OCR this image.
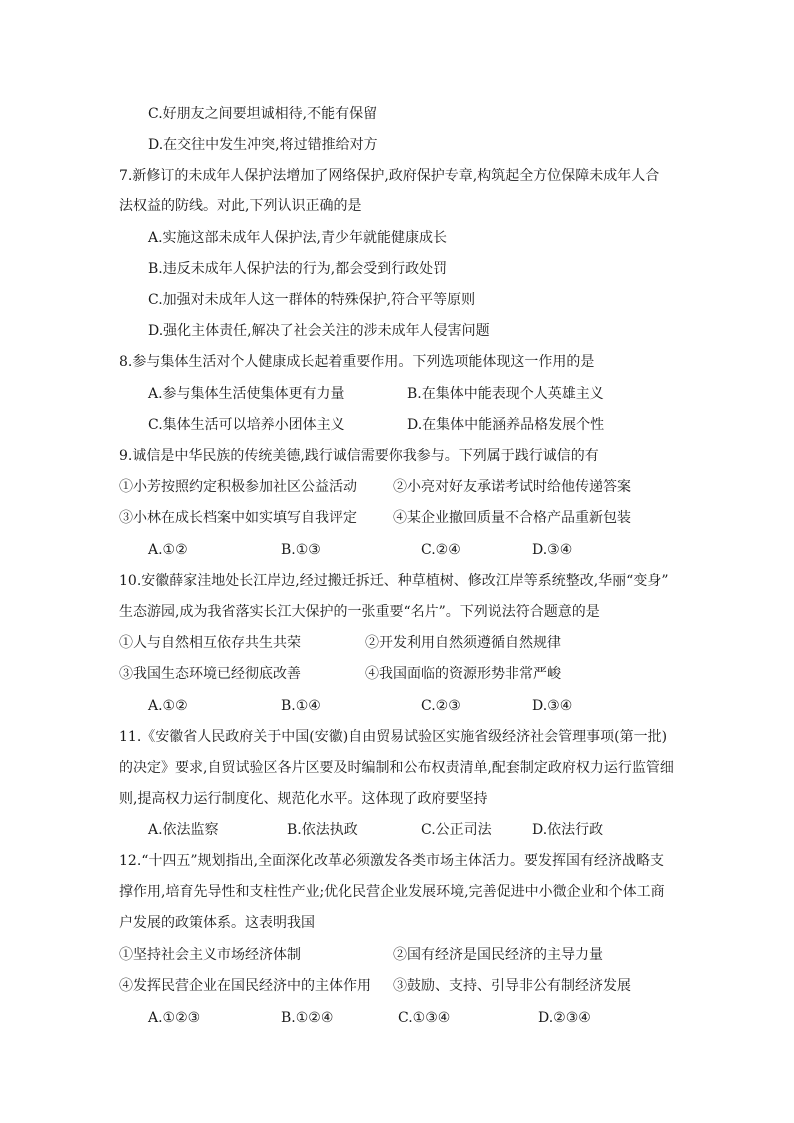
C.好朋友之间要坦诚相待,不能有保留
D.在交往中发生冲突,将过错推给对方
7.新修订的未成年人保护法增加了网络保护,政府保护专章,构筑起全方位保障未成年人合
法权益的防线。对此,下列认识正确的是
A.实施这部未成年人保护法,青少年就能健康成长
B.违反未成年人保护法的行为,都会受到行政处罚
C.加强对未成年人这一群体的特殊保护,符合平等原则
D.强化主体责任,解决了社会关注的涉未成年人侵害问题
8.参与集体生活对个人健康成长起着重要作用。下列选项能体现这一作用的是
A.参与集体生活使集体更有力量	B.在集体中能表现个人英雄主义
C.集体生活可以培养小团体主义	D.在集体中能涵养品格发展个性
9.诚信是中华民族的传统美德,践行诚信需要你我参与。下列属于践行诚信的有
①小芳按照约定积极参加社区公益活动	②小亮对好友承诺考试时给他传递答案
③小林在成长档案中如实填写自我评定	④某企业撤回质量不合格产品重新包装
A.①②	B.①③	C.②④	D.③④
10.安徽薛家洼地处长江岸边,经过搬迁拆迁、种草植树、修改江岸等系统整改,华丽“变身”
生态游园,成为我省落实长江大保护的一张重要“名片”。下列说法符合题意的是
①人与自然相互依存共生共荣	②开发利用自然须遵循自然规律
③我国生态环境已经彻底改善	④我国面临的资源形势非常严峻
A.①②	B.①④	C.②③	D.③④
11.《安徽省人民政府关于中国(安徽)自由贸易试验区实施省级经济社会管理事项(第一批)
的决定》要求,自贸试验区各片区要及时编制和公布权责清单,配套制定政府权力运行监管细
则,提高权力运行制度化、规范化水平。这体现了政府要坚持
A.依法监察	B.依法执政	C.公正司法	D.依法行政
12.“十四五”规划指出,全面深化改革必须激发各类市场主体活力。要发挥国有经济战略支
撑作用,培育先导性和支柱性产业;优化民营企业发展环境,完善促进中小微企业和个体工商
户发展的政策体系。这表明我国
①坚持社会主义市场经济体制	②国有经济是国民经济的主导力量
④发挥民营企业在国民经济中的主体作用 ③鼓励、支持、引导非公有制经济发展
A.①②③	B.①②④	C.①③④	D.②③④
